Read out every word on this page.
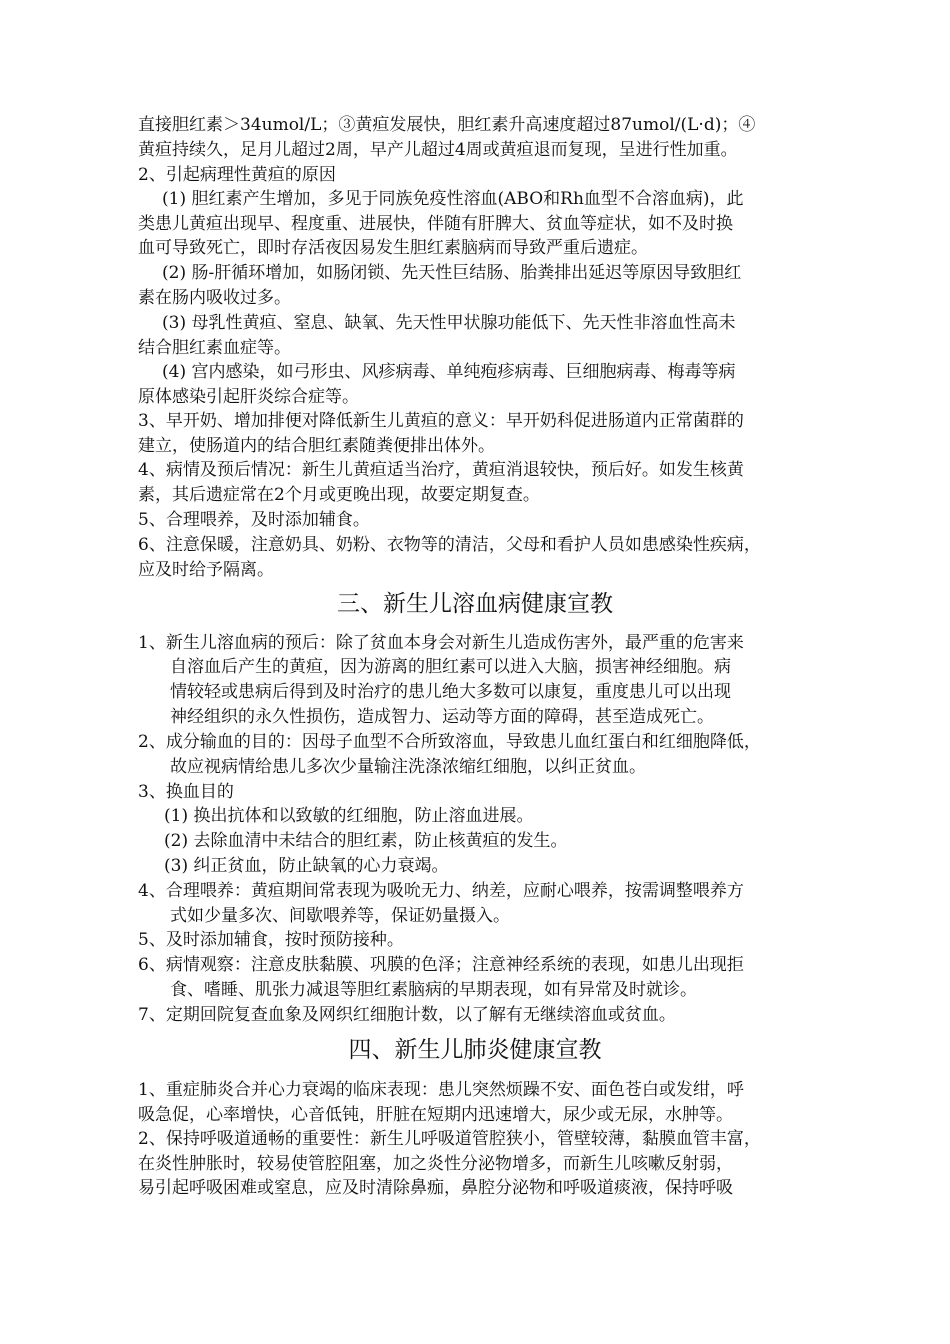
直接胆红素＞34umol/L；③黄疸发展快，胆红素升高速度超过87umol/(L·d)；④
黄疸持续久，足月儿超过2周，早产儿超过4周或黄疸退而复现，呈进行性加重。
2、引起病理性黄疸的原因
(1) 胆红素产生增加，多见于同族免疫性溶血(ABO和Rh血型不合溶血病)，此
类患儿黄疸出现早、程度重、进展快，伴随有肝脾大、贫血等症状，如不及时换
血可导致死亡，即时存活夜因易发生胆红素脑病而导致严重后遗症。
(2) 肠-肝循环增加，如肠闭锁、先天性巨结肠、胎粪排出延迟等原因导致胆红
素在肠内吸收过多。
(3) 母乳性黄疸、窒息、缺氧、先天性甲状腺功能低下、先天性非溶血性高未
结合胆红素血症等。
(4) 宫内感染，如弓形虫、风疹病毒、单纯疱疹病毒、巨细胞病毒、梅毒等病
原体感染引起肝炎综合症等。
3、早开奶、增加排便对降低新生儿黄疸的意义：早开奶科促进肠道内正常菌群的
建立，使肠道内的结合胆红素随粪便排出体外。
4、病情及预后情况：新生儿黄疸适当治疗，黄疸消退较快，预后好。如发生核黄
素，其后遗症常在2个月或更晚出现，故要定期复查。
5、合理喂养，及时添加辅食。
6、注意保暖，注意奶具、奶粉、衣物等的清洁，父母和看护人员如患感染性疾病，
应及时给予隔离。
三、新生儿溶血病健康宣教
1、新生儿溶血病的预后：除了贫血本身会对新生儿造成伤害外，最严重的危害来
自溶血后产生的黄疸，因为游离的胆红素可以进入大脑，损害神经细胞。病
情较轻或患病后得到及时治疗的患儿绝大多数可以康复，重度患儿可以出现
神经组织的永久性损伤，造成智力、运动等方面的障碍，甚至造成死亡。
2、成分输血的目的：因母子血型不合所致溶血，导致患儿血红蛋白和红细胞降低，
故应视病情给患儿多次少量输注洗涤浓缩红细胞，以纠正贫血。
3、换血目的
(1) 换出抗体和以致敏的红细胞，防止溶血进展。
(2) 去除血清中未结合的胆红素，防止核黄疸的发生。
(3) 纠正贫血，防止缺氧的心力衰竭。
4、合理喂养：黄疸期间常表现为吸吮无力、纳差，应耐心喂养，按需调整喂养方
式如少量多次、间歇喂养等，保证奶量摄入。
5、及时添加辅食，按时预防接种。
6、病情观察：注意皮肤黏膜、巩膜的色泽；注意神经系统的表现，如患儿出现拒
食、嗜睡、肌张力减退等胆红素脑病的早期表现，如有异常及时就诊。
7、定期回院复查血象及网织红细胞计数，以了解有无继续溶血或贫血。
四、新生儿肺炎健康宣教
1、重症肺炎合并心力衰竭的临床表现：患儿突然烦躁不安、面色苍白或发绀，呼
吸急促，心率增快，心音低钝，肝脏在短期内迅速增大，尿少或无尿，水肿等。
2、保持呼吸道通畅的重要性：新生儿呼吸道管腔狭小，管壁较薄，黏膜血管丰富，
在炎性肿胀时，较易使管腔阻塞，加之炎性分泌物增多，而新生儿咳嗽反射弱，
易引起呼吸困难或窒息，应及时清除鼻痂，鼻腔分泌物和呼吸道痰液，保持呼吸
